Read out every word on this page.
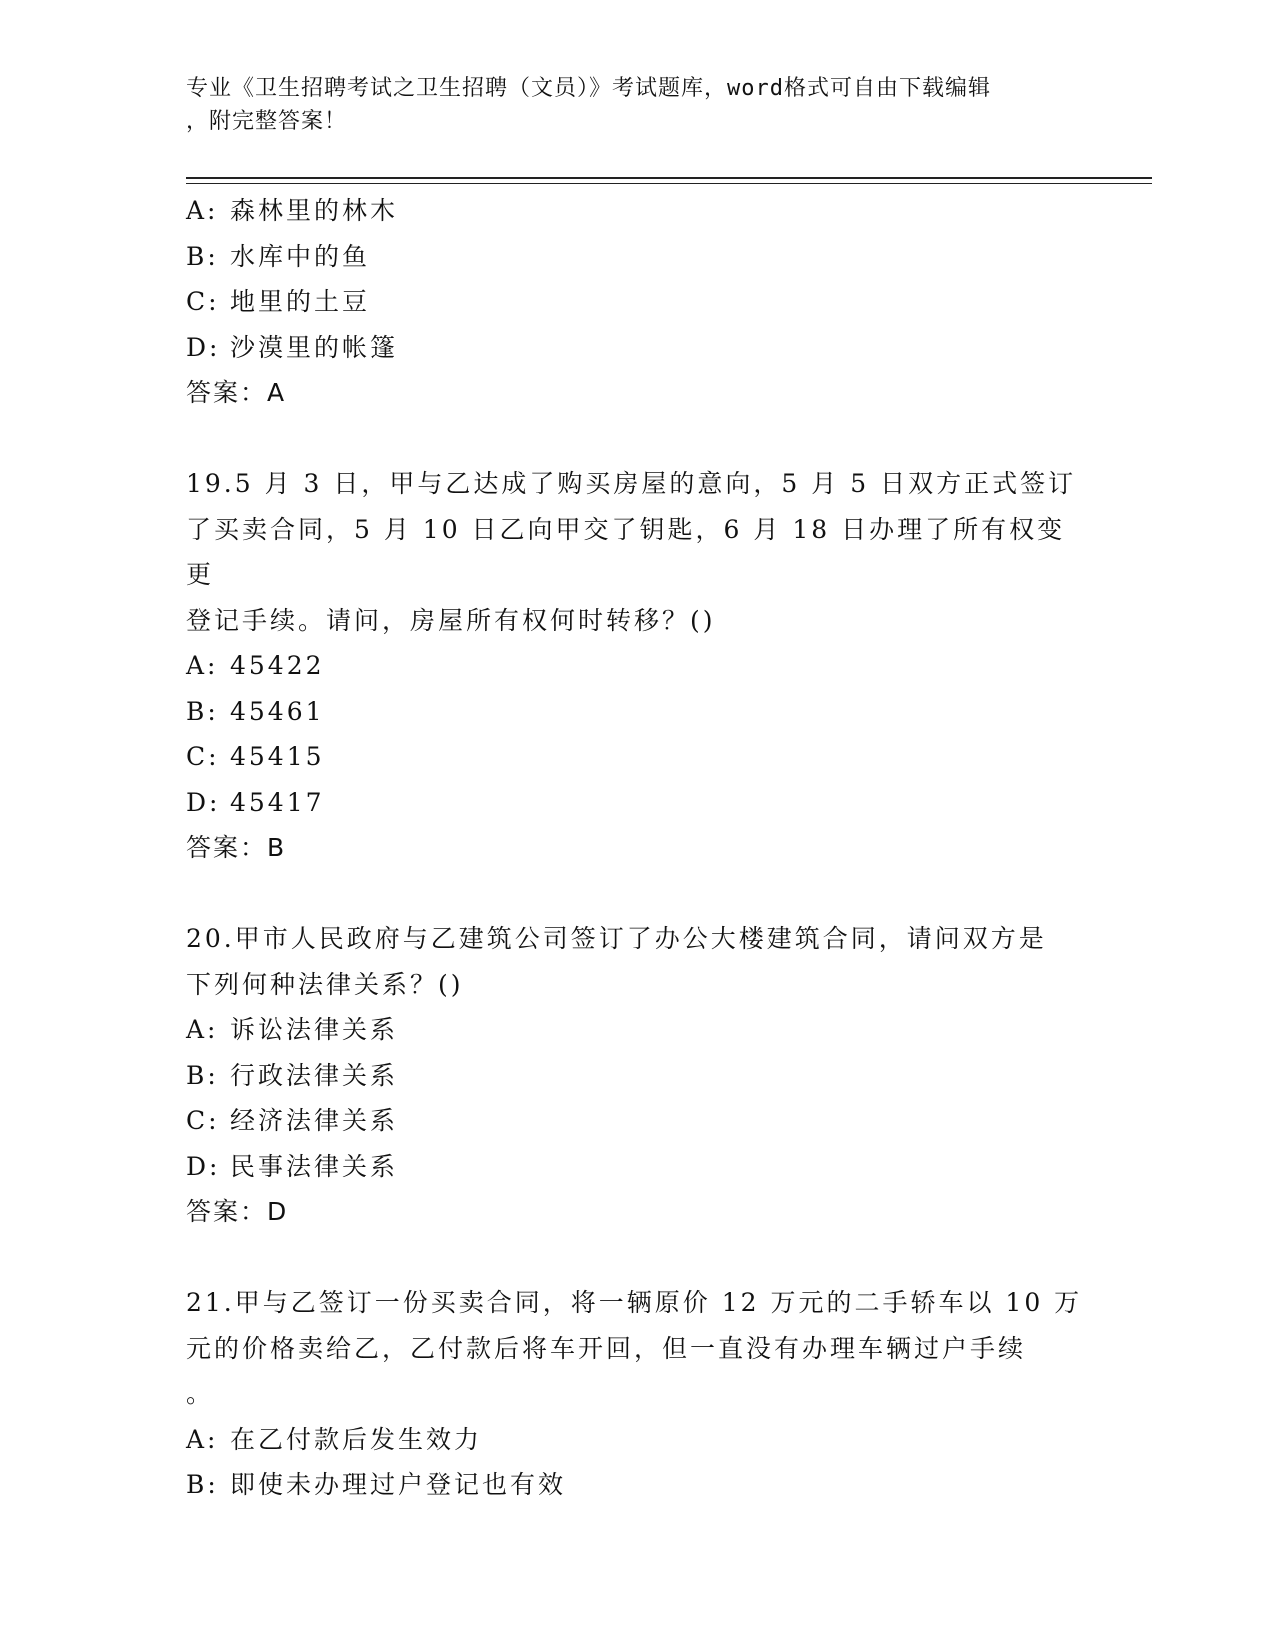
专业《卫生招聘考试之卫生招聘（文员）》考试题库，word格式可自由下载编辑
，附完整答案！
A: 森林里的林木
B: 水库中的鱼
C: 地里的土豆
D: 沙漠里的帐篷
答案：A
19.5 月 3 日，甲与乙达成了购买房屋的意向，5 月 5 日双方正式签订
了买卖合同，5 月 10 日乙向甲交了钥匙，6 月 18 日办理了所有权变更
登记手续。请问，房屋所有权何时转移？()
A: 45422
B: 45461
C: 45415
D: 45417
答案：B
20.甲市人民政府与乙建筑公司签订了办公大楼建筑合同，请问双方是
下列何种法律关系？()
A: 诉讼法律关系
B: 行政法律关系
C: 经济法律关系
D: 民事法律关系
答案：D
21.甲与乙签订一份买卖合同，将一辆原价 12 万元的二手轿车以 10 万
元的价格卖给乙，乙付款后将车开回，但一直没有办理车辆过户手续
。
A: 在乙付款后发生效力
B: 即使未办理过户登记也有效
